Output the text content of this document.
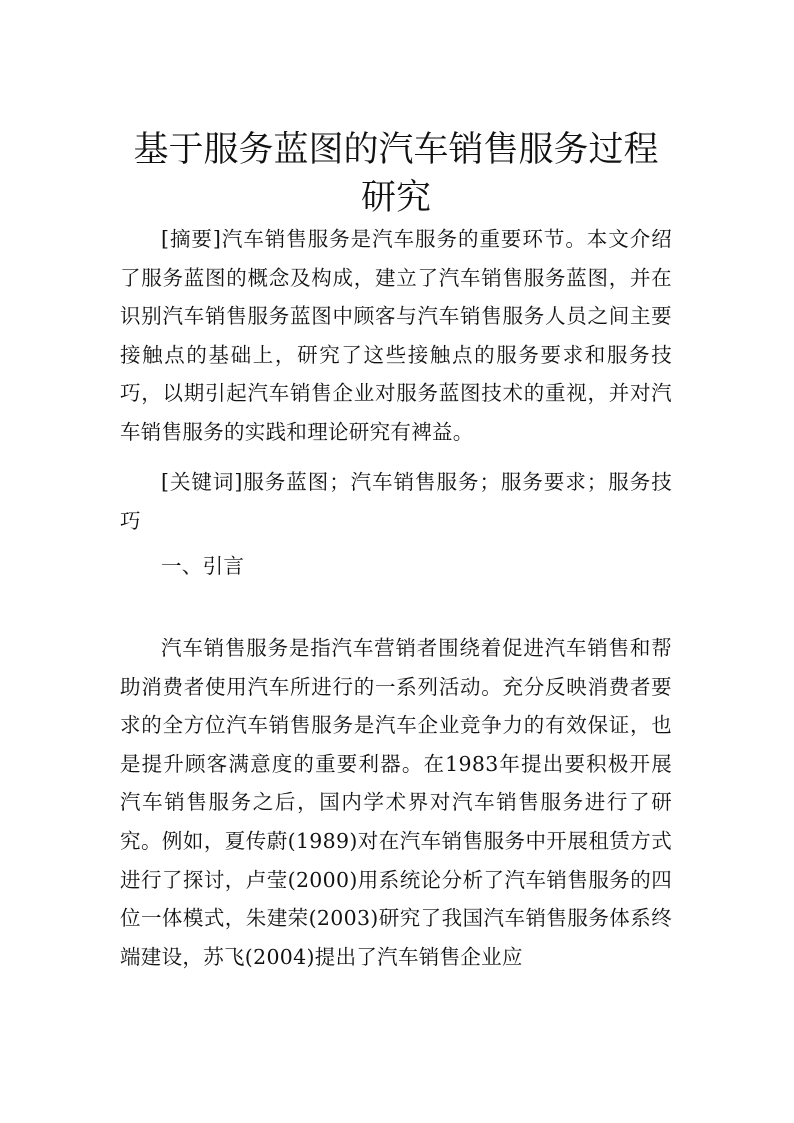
基于服务蓝图的汽车销售服务过程研究

[摘要]汽车销售服务是汽车服务的重要环节。本文介绍了服务蓝图的概念及构成，建立了汽车销售服务蓝图，并在识别汽车销售服务蓝图中顾客与汽车销售服务人员之间主要接触点的基础上，研究了这些接触点的服务要求和服务技巧，以期引起汽车销售企业对服务蓝图技术的重视，并对汽车销售服务的实践和理论研究有裨益。

[关键词]服务蓝图；汽车销售服务；服务要求；服务技巧

一、引言

汽车销售服务是指汽车营销者围绕着促进汽车销售和帮助消费者使用汽车所进行的一系列活动。充分反映消费者要求的全方位汽车销售服务是汽车企业竞争力的有效保证，也是提升顾客满意度的重要利器。在1983年提出要积极开展汽车销售服务之后，国内学术界对汽车销售服务进行了研究。例如，夏传蔚(1989)对在汽车销售服务中开展租赁方式进行了探讨，卢莹(2000)用系统论分析了汽车销售服务的四位一体模式，朱建荣(2003)研究了我国汽车销售服务体系终端建设，苏飞(2004)提出了汽车销售企业应
